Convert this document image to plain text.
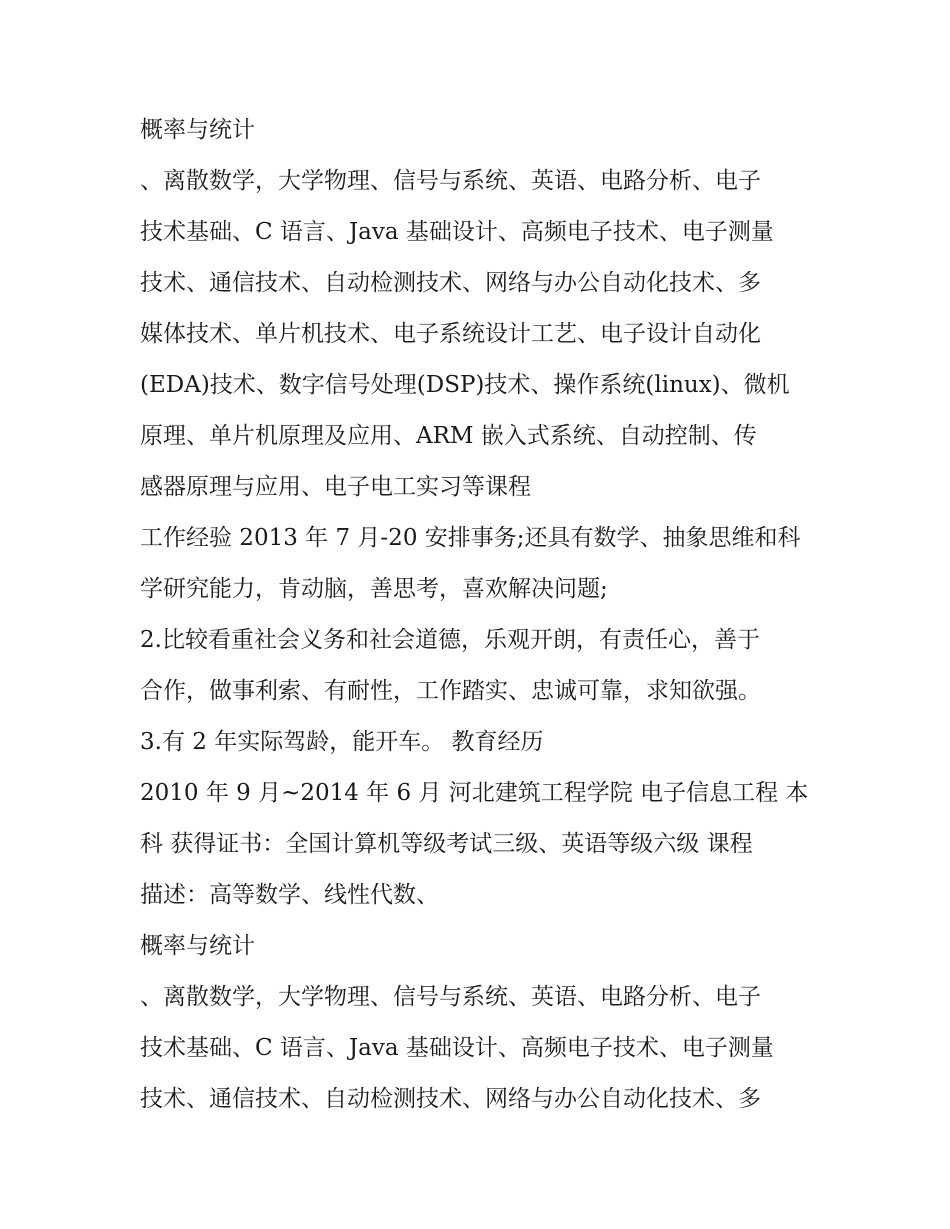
概率与统计
、离散数学，大学物理、信号与系统、英语、电路分析、电子
技术基础、C 语言、Java 基础设计、高频电子技术、电子测量
技术、通信技术、自动检测技术、网络与办公自动化技术、多
媒体技术、单片机技术、电子系统设计工艺、电子设计自动化
(EDA)技术、数字信号处理(DSP)技术、操作系统(linux)、微机
原理、单片机原理及应用、ARM 嵌入式系统、自动控制、传
感器原理与应用、电子电工实习等课程
工作经验 2013 年 7 月-20 安排事务;还具有数学、抽象思维和科
学研究能力，肯动脑，善思考，喜欢解决问题;
2.比较看重社会义务和社会道德，乐观开朗，有责任心，善于
合作，做事利索、有耐性，工作踏实、忠诚可靠，求知欲强。
3.有 2 年实际驾龄，能开车。 教育经历
2010 年 9 月~2014 年 6 月 河北建筑工程学院 电子信息工程 本
科 获得证书：全国计算机等级考试三级、英语等级六级 课程
描述：高等数学、线性代数、
概率与统计
、离散数学，大学物理、信号与系统、英语、电路分析、电子
技术基础、C 语言、Java 基础设计、高频电子技术、电子测量
技术、通信技术、自动检测技术、网络与办公自动化技术、多
